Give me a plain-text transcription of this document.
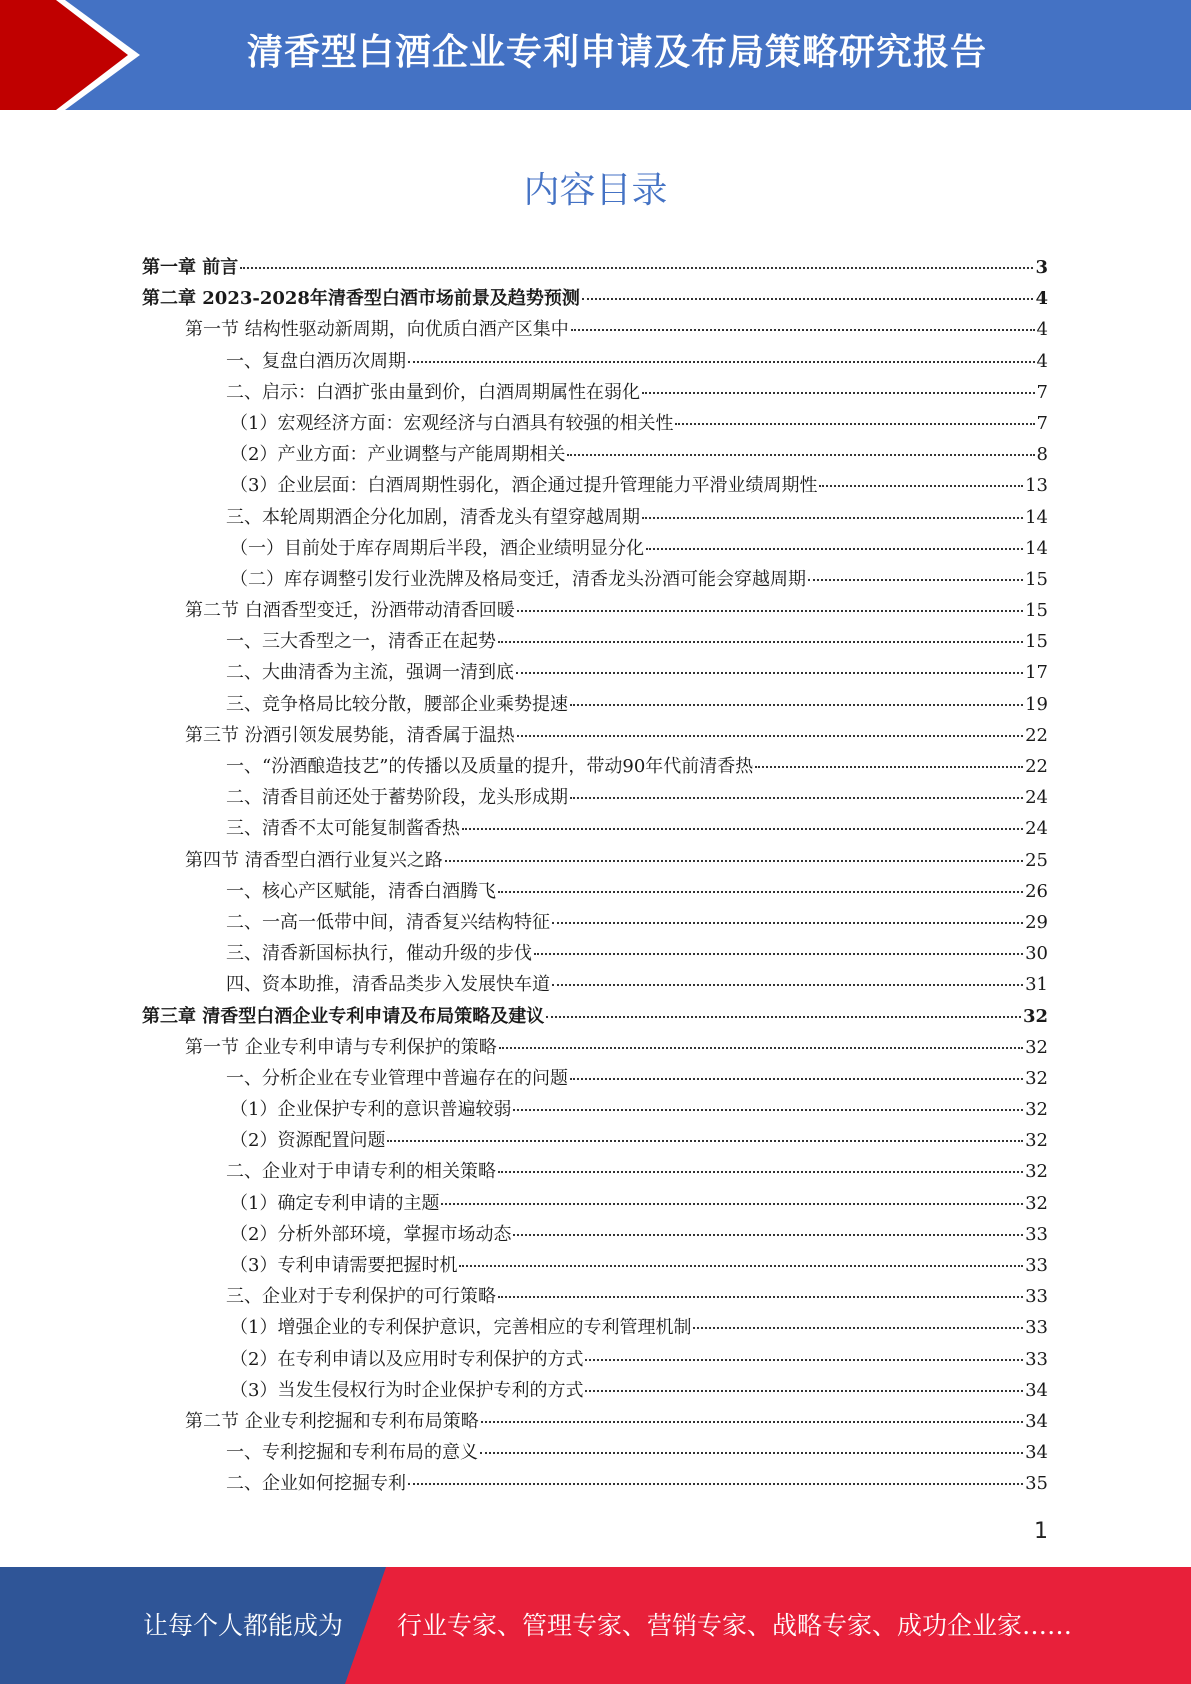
清香型白酒企业专利申请及布局策略研究报告
内容目录
第一章 前言	3
第二章 2023-2028年清香型白酒市场前景及趋势预测	4
第一节 结构性驱动新周期，向优质白酒产区集中	4
一、复盘白酒历次周期	4
二、启示：白酒扩张由量到价，白酒周期属性在弱化	7
（1）宏观经济方面：宏观经济与白酒具有较强的相关性	7
（2）产业方面：产业调整与产能周期相关	8
（3）企业层面：白酒周期性弱化，酒企通过提升管理能力平滑业绩周期性	13
三、本轮周期酒企分化加剧，清香龙头有望穿越周期	14
（一）目前处于库存周期后半段，酒企业绩明显分化	14
（二）库存调整引发行业洗牌及格局变迁，清香龙头汾酒可能会穿越周期	15
第二节 白酒香型变迁，汾酒带动清香回暖	15
一、三大香型之一，清香正在起势	15
二、大曲清香为主流，强调一清到底	17
三、竞争格局比较分散，腰部企业乘势提速	19
第三节 汾酒引领发展势能，清香属于温热	22
一、“汾酒酿造技艺”的传播以及质量的提升，带动90年代前清香热	22
二、清香目前还处于蓄势阶段，龙头形成期	24
三、清香不太可能复制酱香热	24
第四节 清香型白酒行业复兴之路	25
一、核心产区赋能，清香白酒腾飞	26
二、一高一低带中间，清香复兴结构特征	29
三、清香新国标执行，催动升级的步伐	30
四、资本助推，清香品类步入发展快车道	31
第三章 清香型白酒企业专利申请及布局策略及建议	32
第一节 企业专利申请与专利保护的策略	32
一、分析企业在专业管理中普遍存在的问题	32
（1）企业保护专利的意识普遍较弱	32
（2）资源配置问题	32
二、企业对于申请专利的相关策略	32
（1）确定专利申请的主题	32
（2）分析外部环境，掌握市场动态	33
（3）专利申请需要把握时机	33
三、企业对于专利保护的可行策略	33
（1）增强企业的专利保护意识，完善相应的专利管理机制	33
（2）在专利申请以及应用时专利保护的方式	33
（3）当发生侵权行为时企业保护专利的方式	34
第二节 企业专利挖掘和专利布局策略	34
一、专利挖掘和专利布局的意义	34
二、企业如何挖掘专利	35
1
让每个人都能成为 行业专家、管理专家、营销专家、战略专家、成功企业家……
